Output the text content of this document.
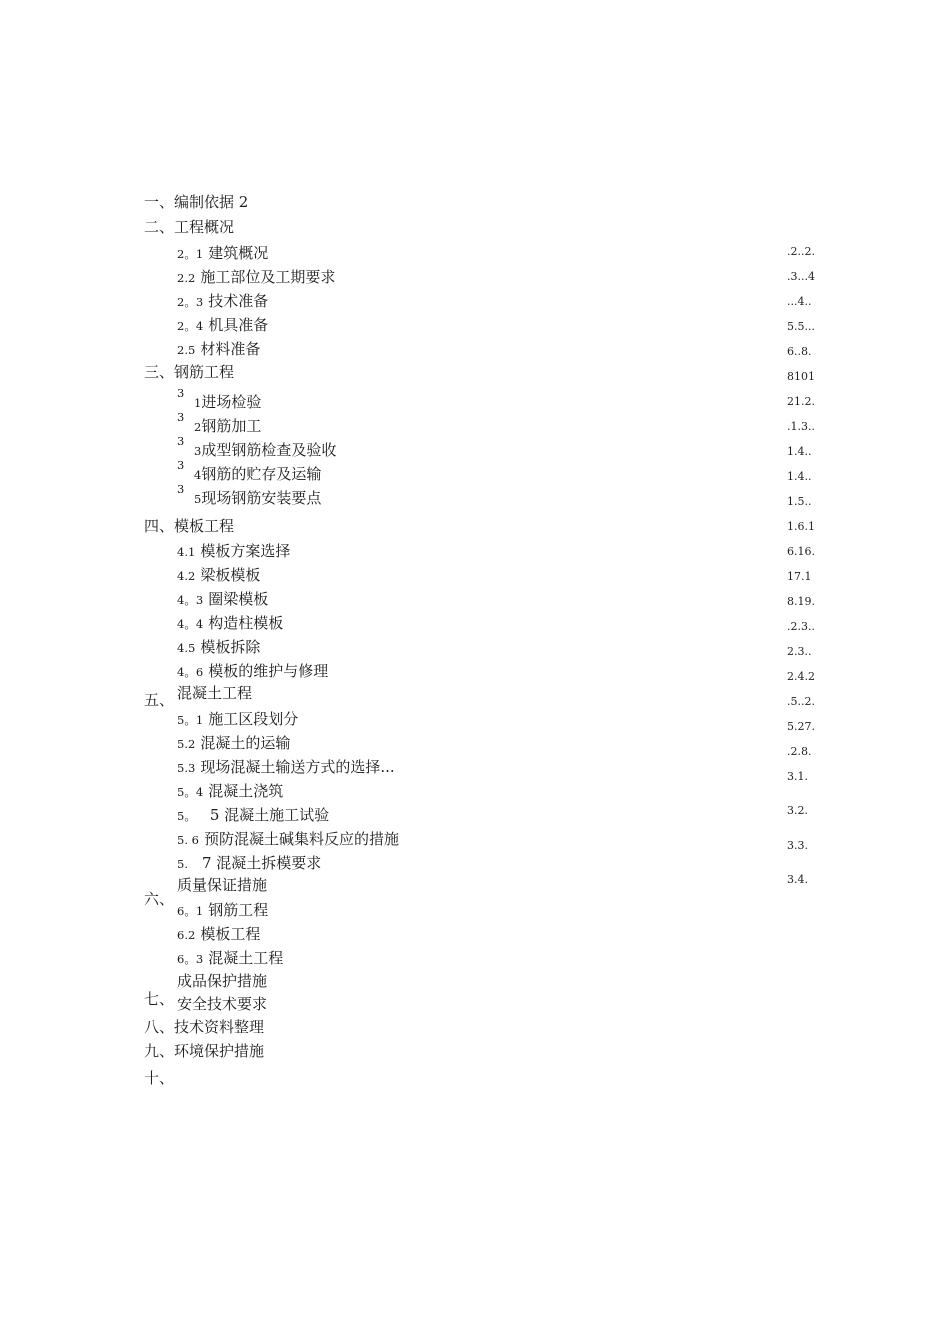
一、编制依据 2
二、工程概况
三、钢筋工程
四、模板工程
五、 混凝土工程
六、
质量保证措施
成品保护措施
七、 安全技术要求
八、技术资料整理
九、环境保护措施
十、
2。1 建筑概况
2.2 施工部位及工期要求
2。3 技术准备
2。4 机具准备
2.5 材料准备
3
1进场检验
3
2钢筋加工
3
3成型钢筋检查及验收
3
4钢筋的贮存及运输
3
5现场钢筋安装要点
4.1 模板方案选择
4.2 梁板模板
4。3 圈梁模板
4。4 构造柱模板
4.5 模板拆除
4。6 模板的维护与修理
5。1 施工区段划分
5.2 混凝土的运输
5.3 现场混凝土输送方式的选择...
5。4 混凝土浇筑
5。 5 混凝土施工试验
5. 6 预防混凝土碱集料反应的措施
5. 7 混凝土拆模要求
6。1 钢筋工程
6.2 模板工程
6。3 混凝土工程
.2..2.
.3...4
...4..
5.5...
6..8.
8101
21.2.
.1.3..
1.4..
1.4..
1.5..
1.6.1
6.16.
17.1
8.19.
.2.3..
2.3..
2.4.2
.5..2.
5.27.
.2.8.
3.1.
3.2.
3.3.
3.4.
